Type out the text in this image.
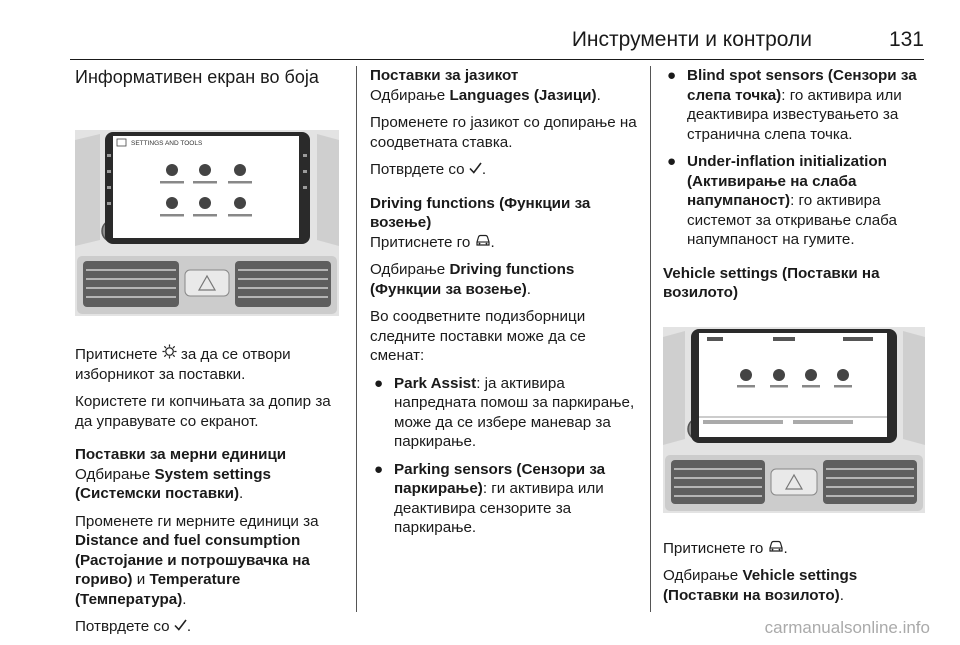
Инструменти и контроли	131
Информативен екран во боја
SETTINGS AND TOOLS

Притиснете  за да се отвори изборникот за поставки.

Користете ги копчињата за допир за да управувате со екранот.

Поставки за мерни единици

Одбирање System settings (Системски поставки).

Променете ги мерните единици за Distance and fuel consumption (Растојание и потрошувачка на гориво) и Temperature (Температура).

Потврдете со .

Поставки за јазикот

Одбирање Languages (Јазици).

Променете го јазикот со допирање на соодветната ставка.

Потврдете со .

Driving functions (Функции за возење)

Притиснете го .

Одбирање Driving functions (Функции за возење).

Во соодветните подизборници следните поставки може да се сменат:

● Park Assist: ја активира напредната помош за паркирање, може да се избере маневар за паркирање.
● Parking sensors (Сензори за паркирање): ги активира или деактивира сензорите за паркирање.
● Blind spot sensors (Сензори за слепа точка): го активира или деактивира известувањето за странична слепа точка.
● Under-inflation initialization (Активирање на слаба напумпаност): го активира системот за откривање слаба напумпаност на гумите.
Vehicle settings (Поставки на возилото)

Притиснете го .

Одбирање Vehicle settings (Поставки на возилото).

carmanualsonline.info
